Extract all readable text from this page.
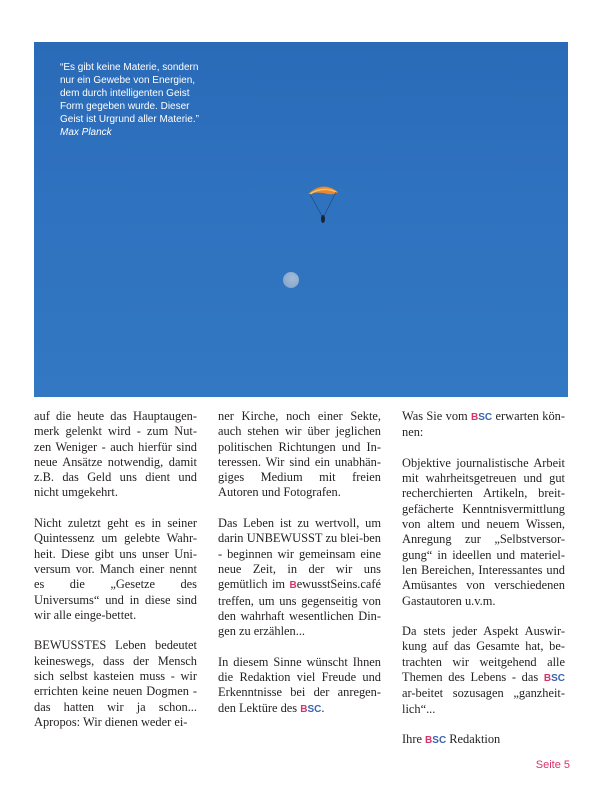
“Es gibt keine Materie, sondern
nur ein Gewebe von Energien,
dem durch intelligenten Geist
Form gegeben wurde. Dieser
Geist ist Urgrund aller Materie.”
Max Planck

auf die heute das Hauptaugen-merk gelenkt wird - zum Nut-zen Weniger - auch hierfür sind neue Ansätze notwendig, damit z.B. das Geld uns dient und nicht umgekehrt.

Nicht zuletzt geht es in seiner Quintessenz um gelebte Wahr-heit. Diese gibt uns unser Uni-versum vor. Manch einer nennt es die „Gesetze des Universums“ und in diese sind wir alle einge-bettet.

BEWUSSTES Leben bedeutet keineswegs, dass der Mensch sich selbst kasteien muss - wir errichten keine neuen Dogmen - das hatten wir ja schon... Apropos: Wir dienen weder ei-

ner Kirche, noch einer Sekte, auch stehen wir über jeglichen politischen Richtungen und In-teressen. Wir sind ein unabhän-giges Medium mit freien Autoren und Fotografen.

Das Leben ist zu wertvoll, um darin UNBEWUSST zu blei-ben - beginnen wir gemeinsam eine neue Zeit, in der wir uns gemütlich im BewusstSeins.café treffen, um uns gegenseitig von den wahrhaft wesentlichen Din-gen zu erzählen...

In diesem Sinne wünscht Ihnen die Redaktion viel Freude und Erkenntnisse bei der anregen-den Lektüre des BSC.

Was Sie vom BSC erwarten kön-nen:

Objektive journalistische Arbeit mit wahrheitsgetreuen und gut recherchierten Artikeln, breit-gefächerte Kenntnisvermittlung von altem und neuem Wissen, Anregung zur „Selbstversor-gung“ in ideellen und materiel-len Bereichen, Interessantes und Amüsantes von verschiedenen Gastautoren u.v.m.

Da stets jeder Aspekt Auswir-kung auf das Gesamte hat, be-trachten wir weitgehend alle Themen des Lebens - das BSC ar-beitet sozusagen „ganzheit-lich“...

Ihre BSC Redaktion

Seite 5
